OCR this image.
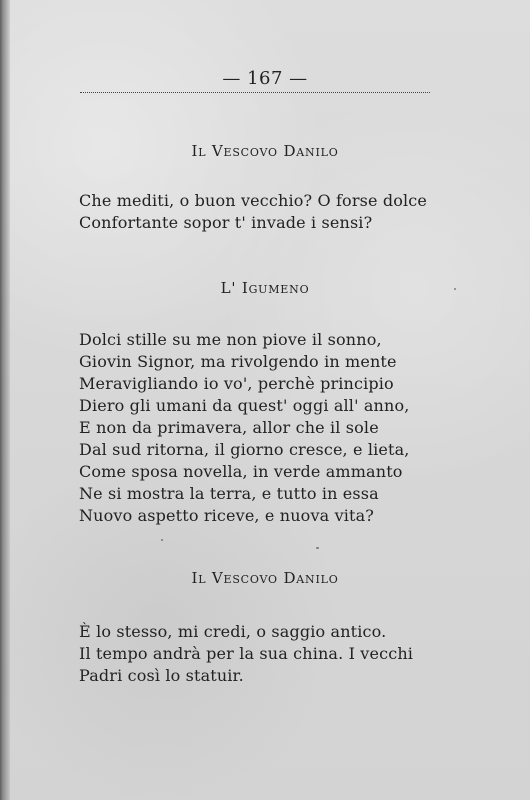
— 167 —
Il Vescovo Danilo
Che mediti, o buon vecchio? O forse dolce
Confortante sopor t' invade i sensi?
L' Igumeno
Dolci stille su me non piove il sonno,
Giovin Signor, ma rivolgendo in mente
Meravigliando io vo', perchè principio
Diero gli umani da quest' oggi all' anno,
E non da primavera, allor che il sole
Dal sud ritorna, il giorno cresce, e lieta,
Come sposa novella, in verde ammanto
Ne si mostra la terra, e tutto in essa
Nuovo aspetto riceve, e nuova vita?
Il Vescovo Danilo
È lo stesso, mi credi, o saggio antico.
Il tempo andrà per la sua china. I vecchi
Padri così lo statuir.
